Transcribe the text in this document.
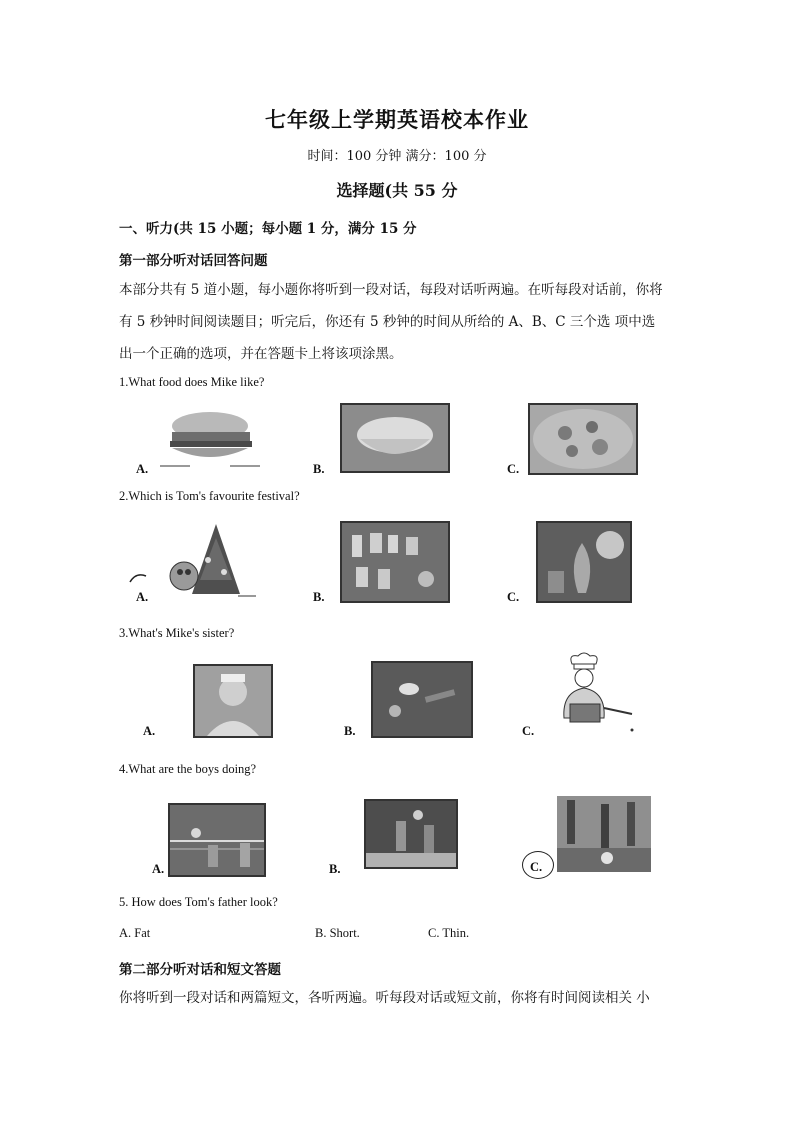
七年级上学期英语校本作业
时间：100 分钟 满分：100 分
选择题(共 55 分
一、听力(共 15 小题；每小题 1 分，满分 15 分
第一部分听对话回答问题
本部分共有 5 道小题，每小题你将听到一段对话，每段对话听两遍。在听每段对话前，你将
有 5 秒钟时间阅读题目；听完后，你还有 5 秒钟的时间从所给的 A、B、C 三个选 项中选
出一个正确的选项，并在答题卡上将该项涂黑。
1.What food does Mike like?
A.	B.	C.
2.Which is Tom's favourite festival?
A.	B.	C.
3.What's Mike's sister?
A.	B.	C.
4.What are the boys doing?
A.	B.	C.
5. How does Tom's father look?
A. Fat	B. Short.	C. Thin.
第二部分听对话和短文答题
你将听到一段对话和两篇短文，各听两遍。听每段对话或短文前，你将有时间阅读相关 小
